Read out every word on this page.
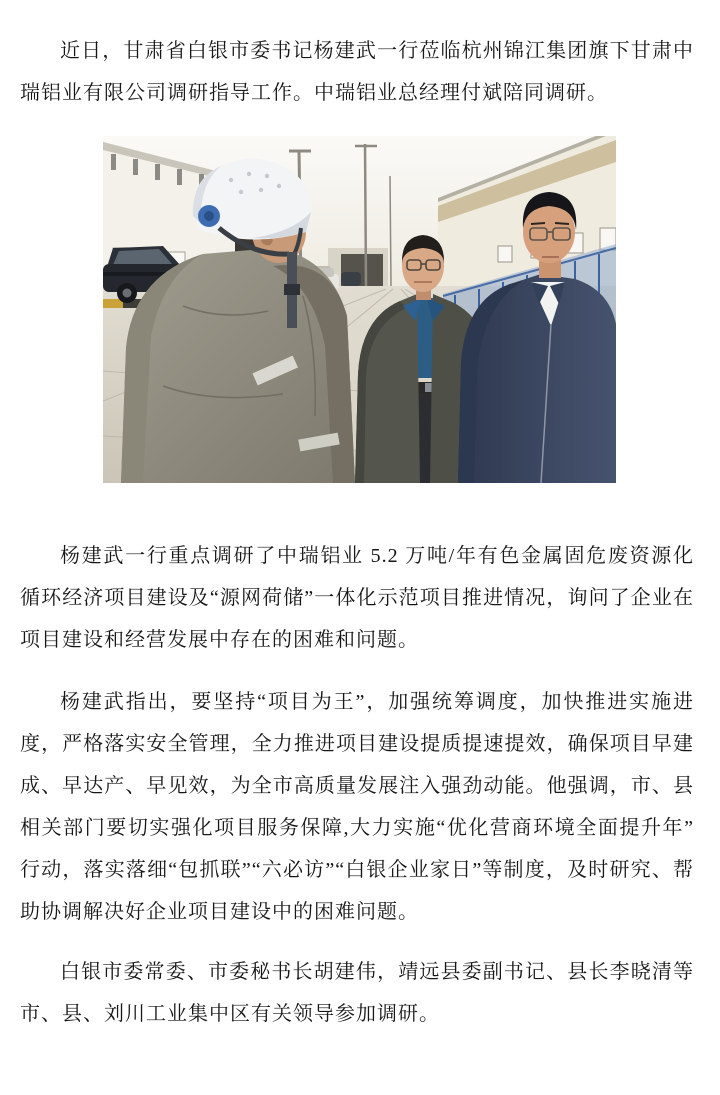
近日，甘肃省白银市委书记杨建武一行莅临杭州锦江集团旗下甘肃中瑞铝业有限公司调研指导工作。中瑞铝业总经理付斌陪同调研。

杨建武一行重点调研了中瑞铝业 5.2 万吨/年有色金属固危废资源化循环经济项目建设及“源网荷储”一体化示范项目推进情况，询问了企业在项目建设和经营发展中存在的困难和问题。

杨建武指出，要坚持“项目为王”，加强统筹调度，加快推进实施进度，严格落实安全管理，全力推进项目建设提质提速提效，确保项目早建成、早达产、早见效，为全市高质量发展注入强劲动能。他强调，市、县相关部门要切实强化项目服务保障,大力实施“优化营商环境全面提升年”行动，落实落细“包抓联”“六必访”“白银企业家日”等制度，及时研究、帮助协调解决好企业项目建设中的困难问题。

白银市委常委、市委秘书长胡建伟，靖远县委副书记、县长李晓清等市、县、刘川工业集中区有关领导参加调研。
